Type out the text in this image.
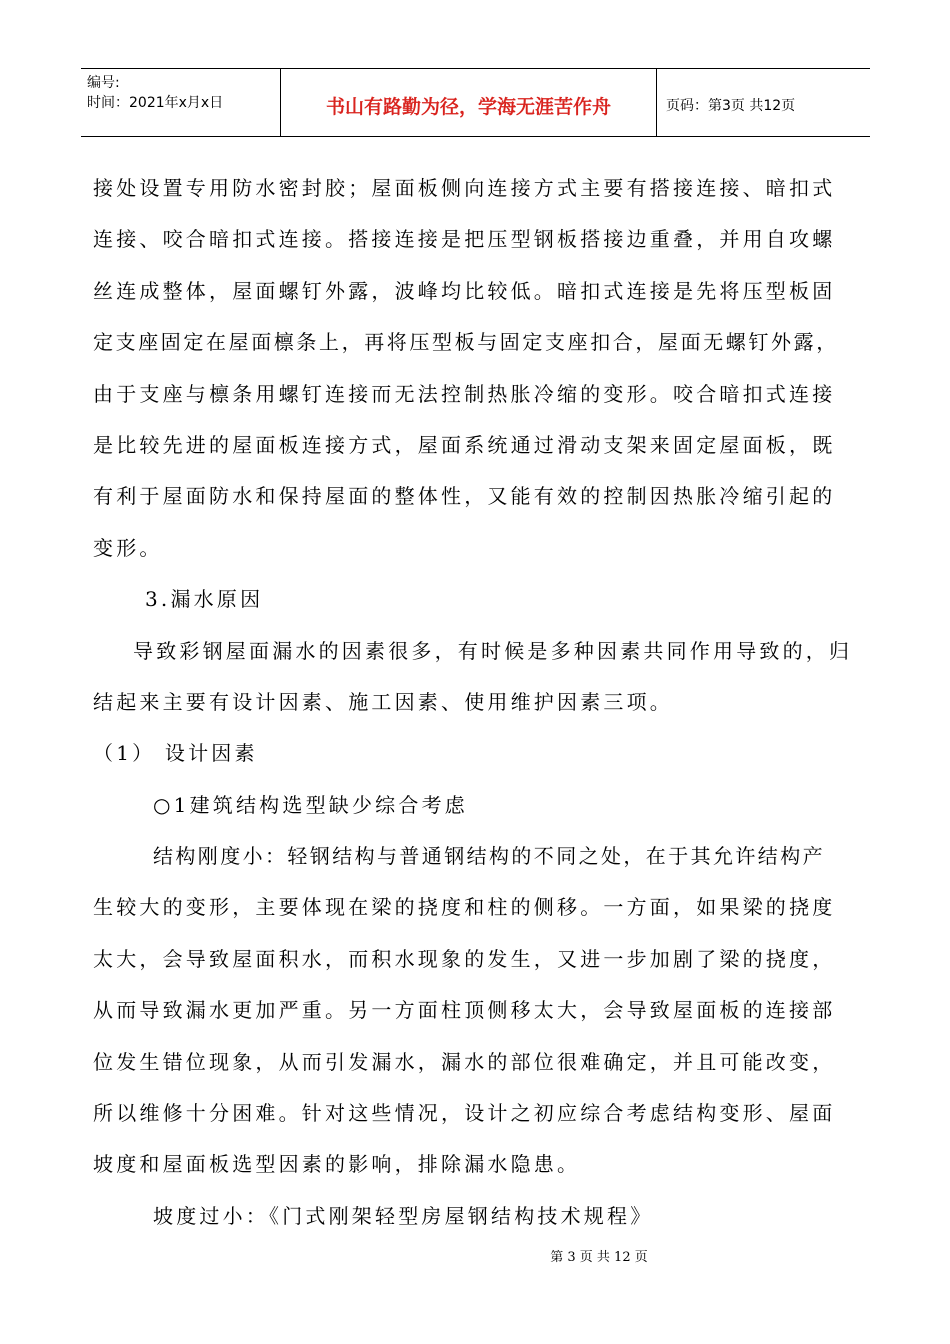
编号:
时间：2021年x月x日	书山有路勤为径，学海无涯苦作舟	页码：第3页 共12页
接处设置专用防水密封胶；屋面板侧向连接方式主要有搭接连接、暗扣式
连接、咬合暗扣式连接。搭接连接是把压型钢板搭接边重叠，并用自攻螺
丝连成整体，屋面螺钉外露，波峰均比较低。暗扣式连接是先将压型板固
定支座固定在屋面檩条上，再将压型板与固定支座扣合，屋面无螺钉外露，
由于支座与檩条用螺钉连接而无法控制热胀冷缩的变形。咬合暗扣式连接
是比较先进的屋面板连接方式，屋面系统通过滑动支架来固定屋面板，既
有利于屋面防水和保持屋面的整体性，又能有效的控制因热胀冷缩引起的
变形。
3.漏水原因
导致彩钢屋面漏水的因素很多，有时候是多种因素共同作用导致的，归
结起来主要有设计因素、施工因素、使用维护因素三项。
（1） 设计因素
○1建筑结构选型缺少综合考虑
结构刚度小：轻钢结构与普通钢结构的不同之处，在于其允许结构产
生较大的变形，主要体现在梁的挠度和柱的侧移。一方面，如果梁的挠度
太大，会导致屋面积水，而积水现象的发生，又进一步加剧了梁的挠度，
从而导致漏水更加严重。另一方面柱顶侧移太大，会导致屋面板的连接部
位发生错位现象，从而引发漏水，漏水的部位很难确定，并且可能改变，
所以维修十分困难。针对这些情况，设计之初应综合考虑结构变形、屋面
坡度和屋面板选型因素的影响，排除漏水隐患。
坡度过小：《门式刚架轻型房屋钢结构技术规程》
第 3 页 共 12 页
